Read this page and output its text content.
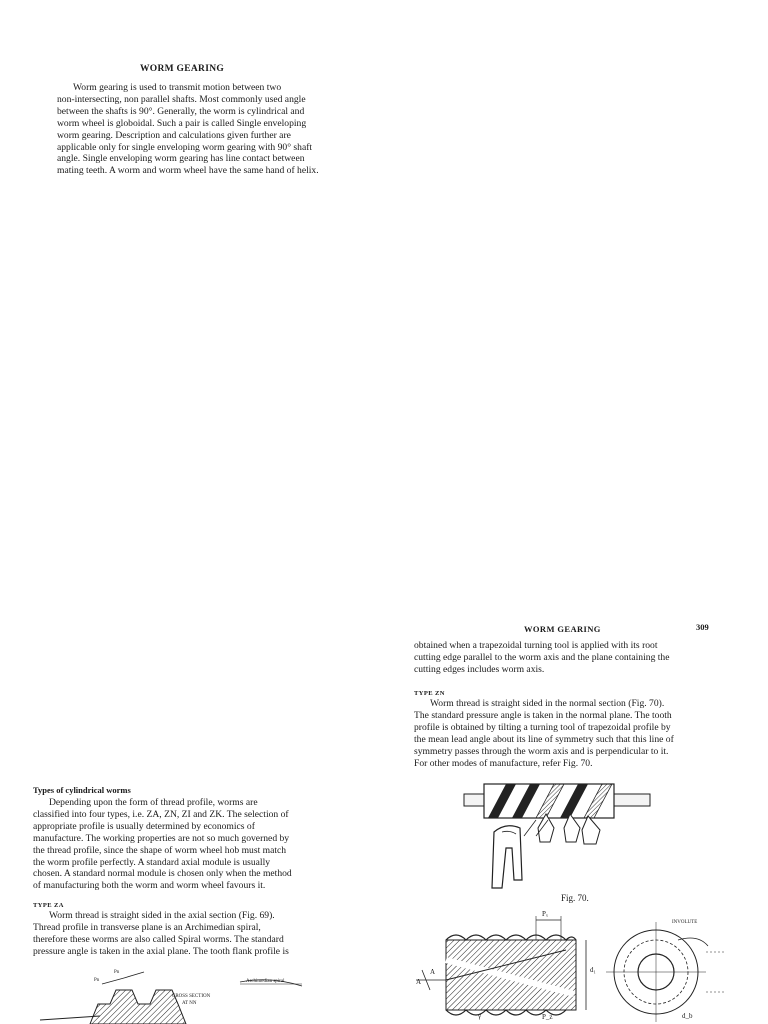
WORM GEARING
Worm gearing is used to transmit motion between two
non-intersecting, non parallel shafts. Most commonly used angle
between the shafts is 90°. Generally, the worm is cylindrical and
worm wheel is globoidal. Such a pair is called Single enveloping
worm gearing. Description and calculations given further are
applicable only for single enveloping worm gearing with 90° shaft
angle. Single enveloping worm gearing has line contact between
mating teeth. A worm and worm wheel have the same hand of helix.
WORM GEARING	309
obtained when a trapezoidal turning tool is applied with its root
cutting edge parallel to the worm axis and the plane containing the
cutting edges includes worm axis.
TYPE ZN
Worm thread is straight sided in the normal section (Fig. 70).
The standard pressure angle is taken in the normal plane. The tooth
profile is obtained by tilting a turning tool of trapezoidal profile by
the mean lead angle about its line of symmetry such that this line of
symmetry passes through the worm axis and is perpendicular to it.
For other modes of manufacture, refer Fig. 70.
Types of cylindrical worms
Depending upon the form of thread profile, worms are
classified into four types, i.e. ZA, ZN, ZI and ZK. The selection of
appropriate profile is usually determined by economics of
manufacture. The working properties are not so much governed by
the thread profile, since the shape of worm wheel hob must match
the worm profile perfectly. A standard axial module is usually
chosen. A standard normal module is chosen only when the method
of manufacturing both the worm and worm wheel favours it.
TYPE ZA
Worm thread is straight sided in the axial section (Fig. 69).
Thread profile in transverse plane is an Archimedian spiral,
therefore these worms are also called Spiral worms. The standard
pressure angle is taken in the axial plane. The tooth flank profile is
Pn
Pn
CROSS SECTION
AT NN
Archimedian spiral
Fig. 70.
Pₓ
P_z
d₁
d_b
INVOLUTE
A
γ
A
